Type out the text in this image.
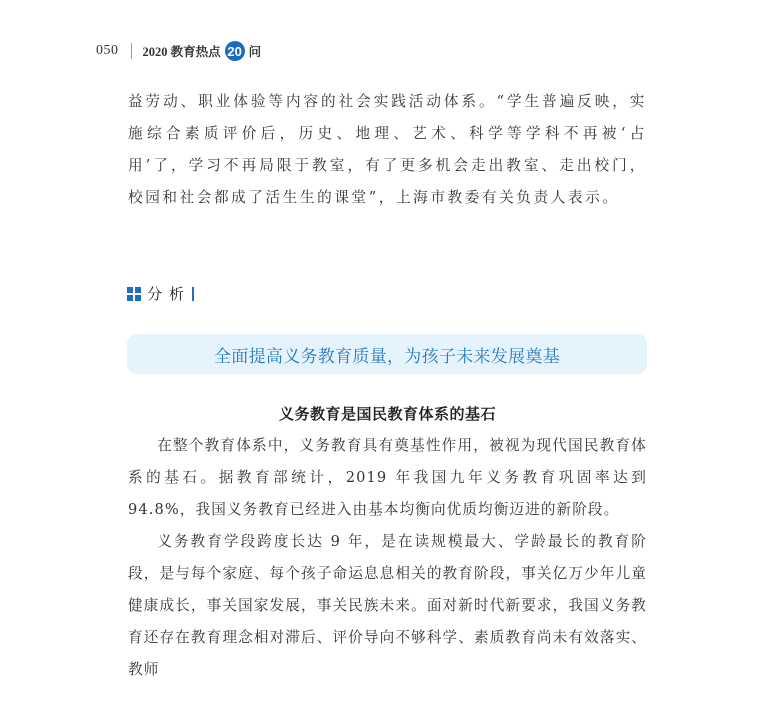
050 2020 教育热点 20 问

益劳动、职业体验等内容的社会实践活动体系。“学生普遍反映，实施综合素质评价后，历史、地理、艺术、科学等学科不再被‘占用’了，学习不再局限于教室，有了更多机会走出教室、走出校门，校园和社会都成了活生生的课堂”，上海市教委有关负责人表示。

分析
全面提高义务教育质量，为孩子未来发展奠基
义务教育是国民教育体系的基石

在整个教育体系中，义务教育具有奠基性作用，被视为现代国民教育体系的基石。据教育部统计，2019 年我国九年义务教育巩固率达到 94.8%，我国义务教育已经进入由基本均衡向优质均衡迈进的新阶段。

义务教育学段跨度长达 9 年，是在读规模最大、学龄最长的教育阶段，是与每个家庭、每个孩子命运息息相关的教育阶段，事关亿万少年儿童健康成长，事关国家发展，事关民族未来。面对新时代新要求，我国义务教育还存在教育理念相对滞后、评价导向不够科学、素质教育尚未有效落实、教师
